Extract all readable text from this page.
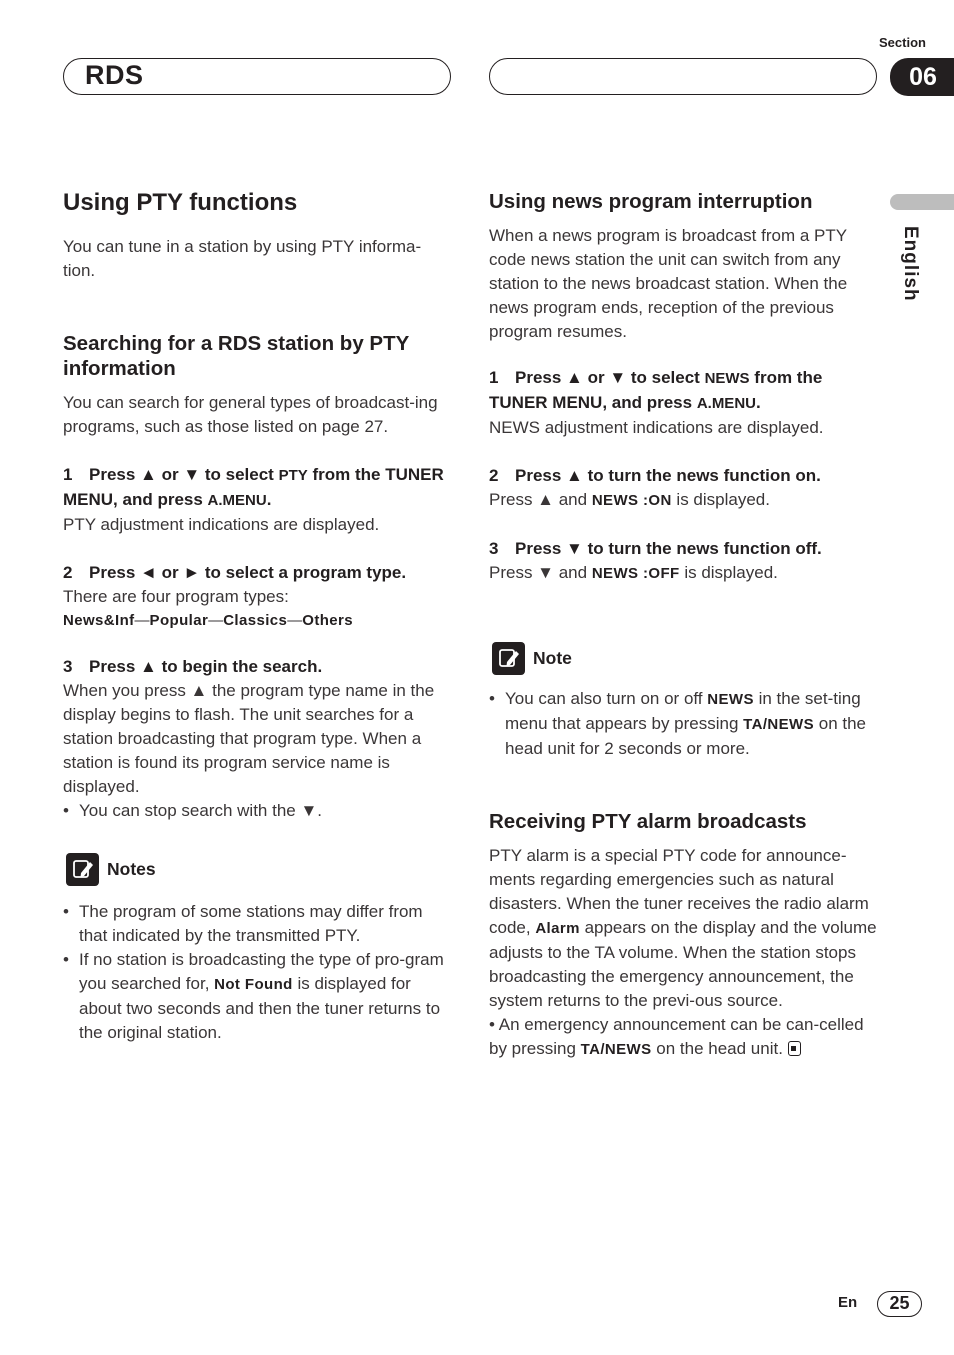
RDS
Section
06
English
Using PTY functions

You can tune in a station by using PTY informa-tion.

Searching for a RDS station by PTY information

You can search for general types of broadcast-ing programs, such as those listed on page 27.

1 Press ▲ or ▼ to select PTY from the TUNER MENU, and press A.MENU.

PTY adjustment indications are displayed.

2 Press ◄ or ► to select a program type.

There are four program types:

News&Inf—Popular—Classics—Others

3 Press ▲ to begin the search.

When you press ▲ the program type name in the display begins to flash. The unit searches for a station broadcasting that program type. When a station is found its program service name is displayed.

• You can stop search with the ▼.

Notes

• The program of some stations may differ from that indicated by the transmitted PTY.

• If no station is broadcasting the type of pro-gram you searched for, Not Found is displayed for about two seconds and then the tuner returns to the original station.

Using news program interruption

When a news program is broadcast from a PTY code news station the unit can switch from any station to the news broadcast station. When the news program ends, reception of the previous program resumes.

1 Press ▲ or ▼ to select NEWS from the TUNER MENU, and press A.MENU.

NEWS adjustment indications are displayed.

2 Press ▲ to turn the news function on.

Press ▲ and NEWS :ON is displayed.

3 Press ▼ to turn the news function off.

Press ▼ and NEWS :OFF is displayed.

Note

• You can also turn on or off NEWS in the set-ting menu that appears by pressing TA/NEWS on the head unit for 2 seconds or more.

Receiving PTY alarm broadcasts

PTY alarm is a special PTY code for announce-ments regarding emergencies such as natural disasters. When the tuner receives the radio alarm code, Alarm appears on the display and the volume adjusts to the TA volume. When the station stops broadcasting the emergency announcement, the system returns to the previ-ous source.

• An emergency announcement can be can-celled by pressing TA/NEWS on the head unit.

En	25
